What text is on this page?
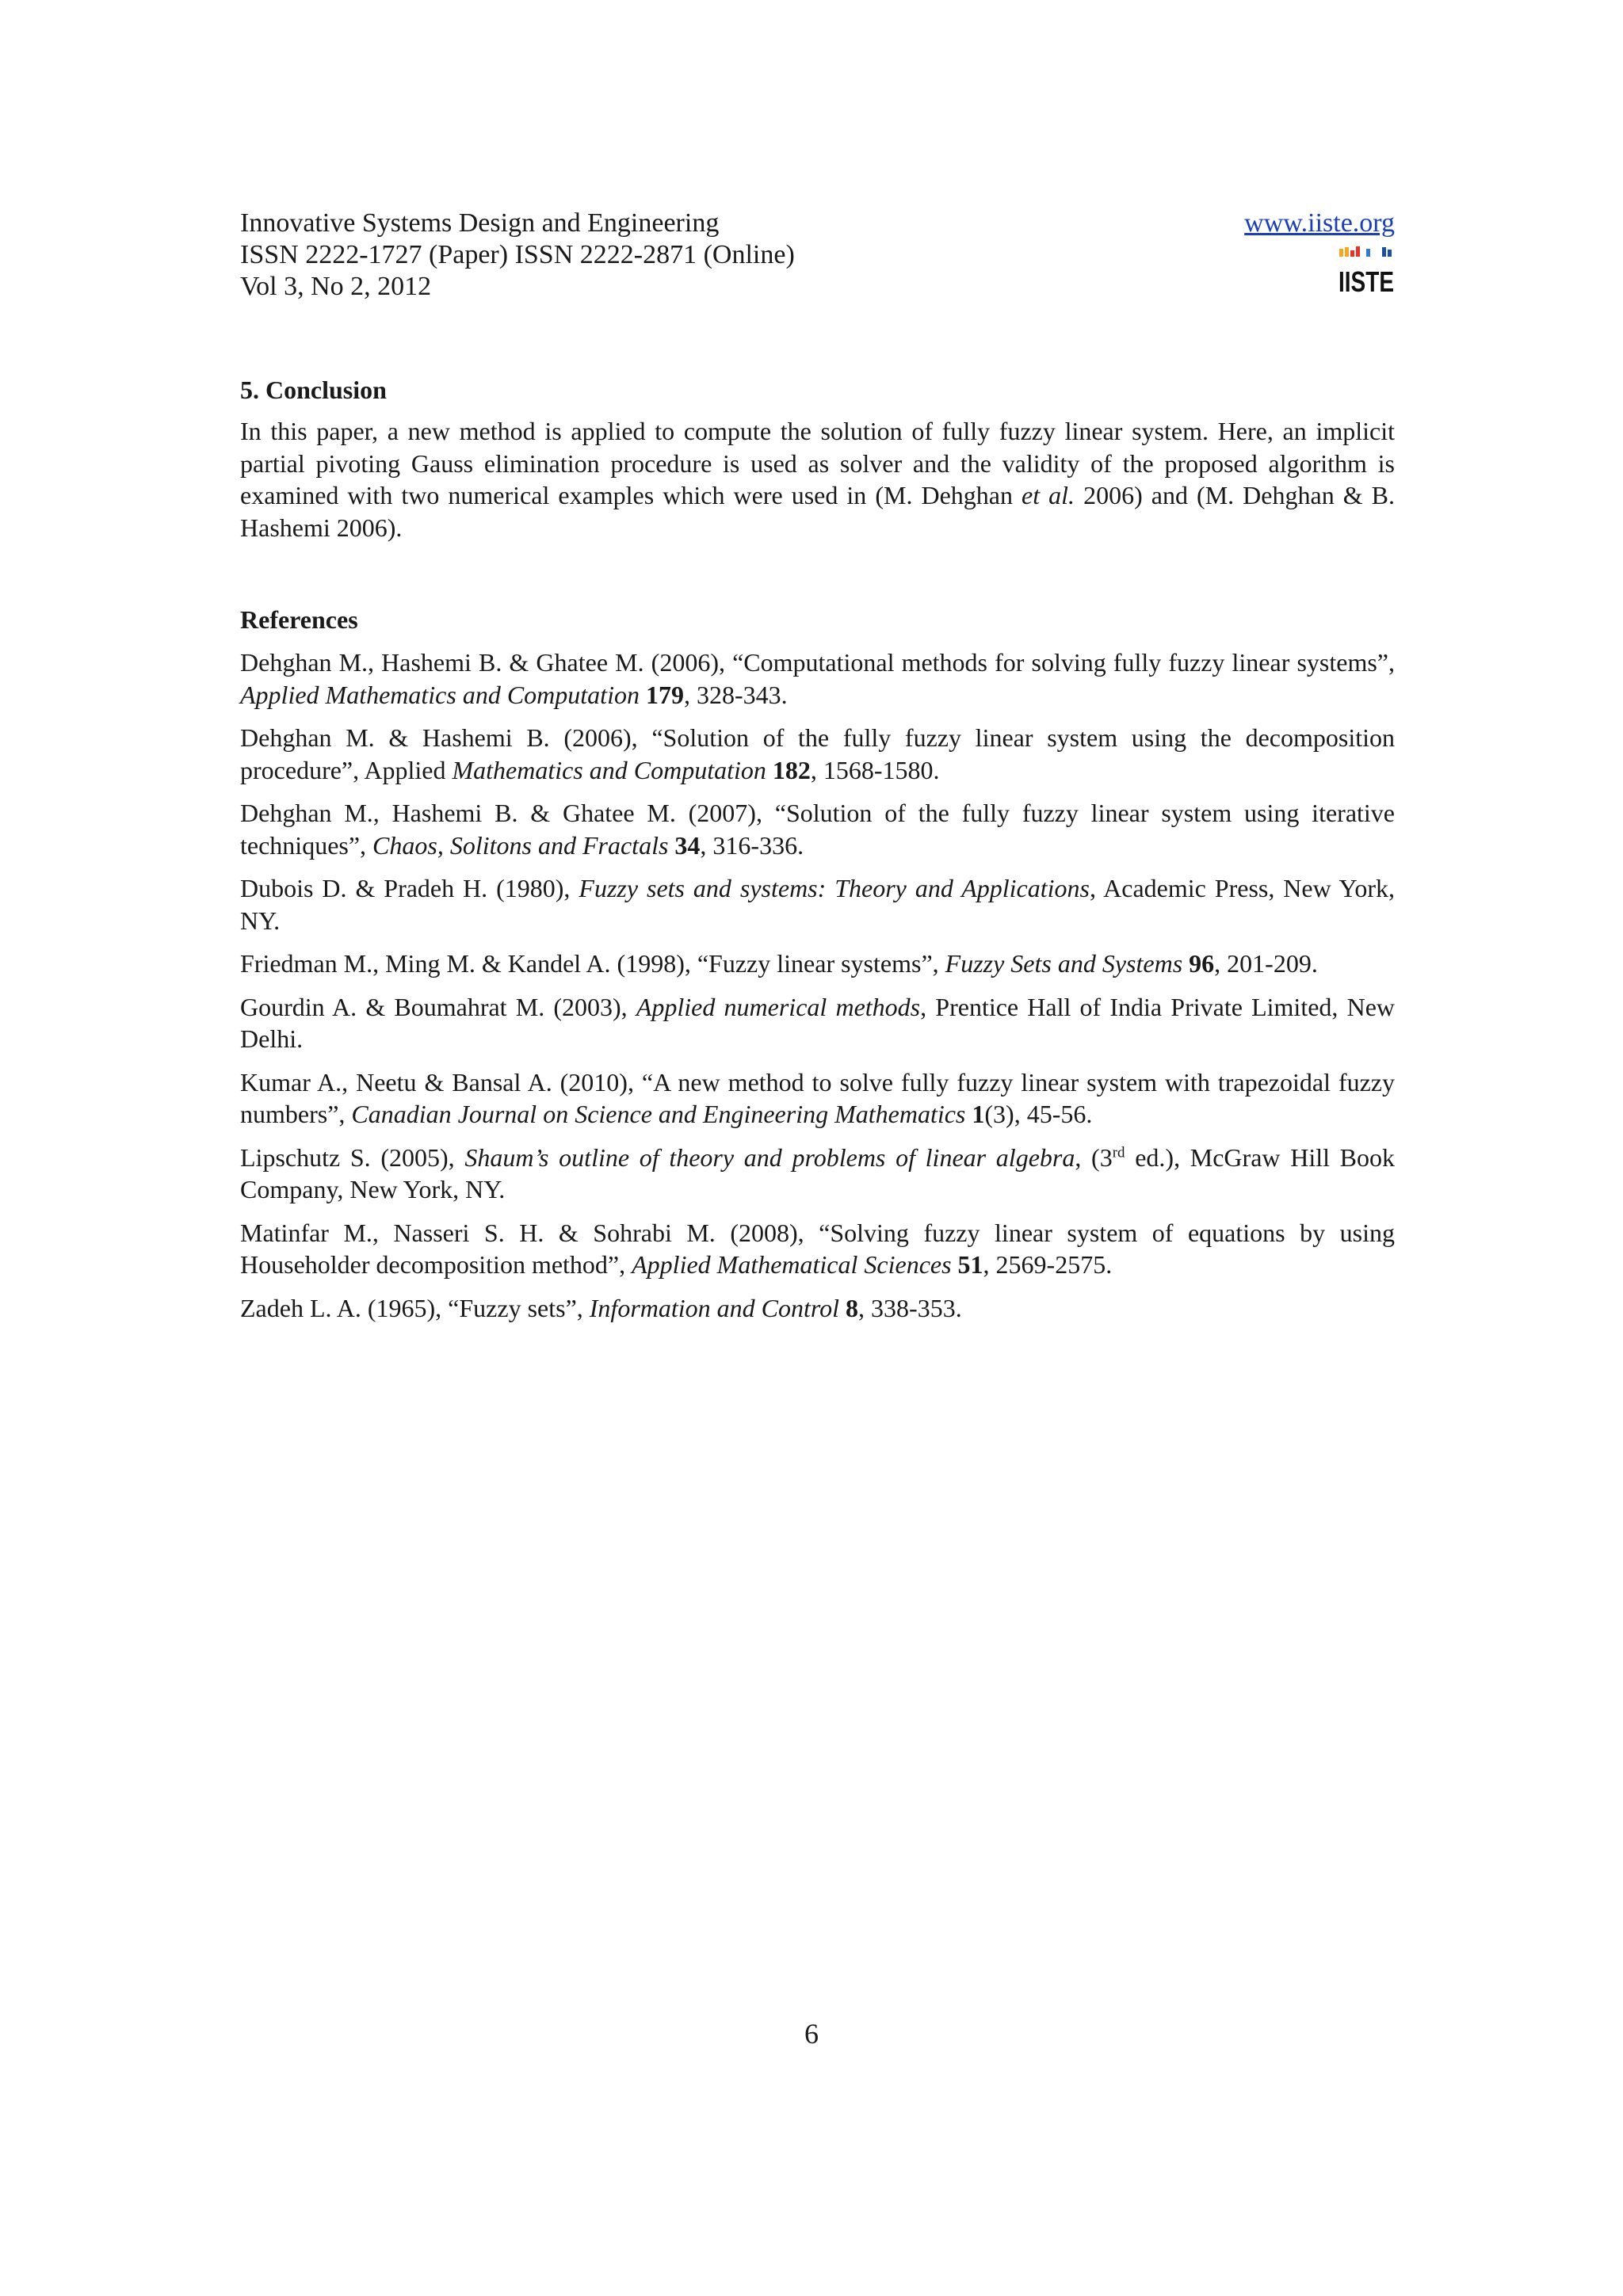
Innovative Systems Design and Engineering
ISSN 2222-1727 (Paper) ISSN 2222-2871 (Online)
Vol 3, No 2, 2012
www.iiste.org
IISTE
5. Conclusion
In this paper, a new method is applied to compute the solution of fully fuzzy linear system. Here, an implicit partial pivoting Gauss elimination procedure is used as solver and the validity of the proposed algorithm is examined with two numerical examples which were used in (M. Dehghan et al. 2006) and (M. Dehghan & B. Hashemi 2006).
References
Dehghan M., Hashemi B. & Ghatee M. (2006), “Computational methods for solving fully fuzzy linear systems”, Applied Mathematics and Computation 179, 328-343.
Dehghan M. & Hashemi B. (2006), “Solution of the fully fuzzy linear system using the decomposition procedure”, Applied Mathematics and Computation 182, 1568-1580.
Dehghan M., Hashemi B. & Ghatee M. (2007), “Solution of the fully fuzzy linear system using iterative techniques”, Chaos, Solitons and Fractals 34, 316-336.
Dubois D. & Pradeh H. (1980), Fuzzy sets and systems: Theory and Applications, Academic Press, New York, NY.
Friedman M., Ming M. & Kandel A. (1998), “Fuzzy linear systems”, Fuzzy Sets and Systems 96, 201-209.
Gourdin A. & Boumahrat M. (2003), Applied numerical methods, Prentice Hall of India Private Limited, New Delhi.
Kumar A., Neetu & Bansal A. (2010), “A new method to solve fully fuzzy linear system with trapezoidal fuzzy numbers”, Canadian Journal on Science and Engineering Mathematics 1(3), 45-56.
Lipschutz S. (2005), Shaum’s outline of theory and problems of linear algebra, (3rd ed.), McGraw Hill Book Company, New York, NY.
Matinfar M., Nasseri S. H. & Sohrabi M. (2008), “Solving fuzzy linear system of equations by using Householder decomposition method”, Applied Mathematical Sciences 51, 2569-2575.
Zadeh L. A. (1965), “Fuzzy sets”, Information and Control 8, 338-353.
6
